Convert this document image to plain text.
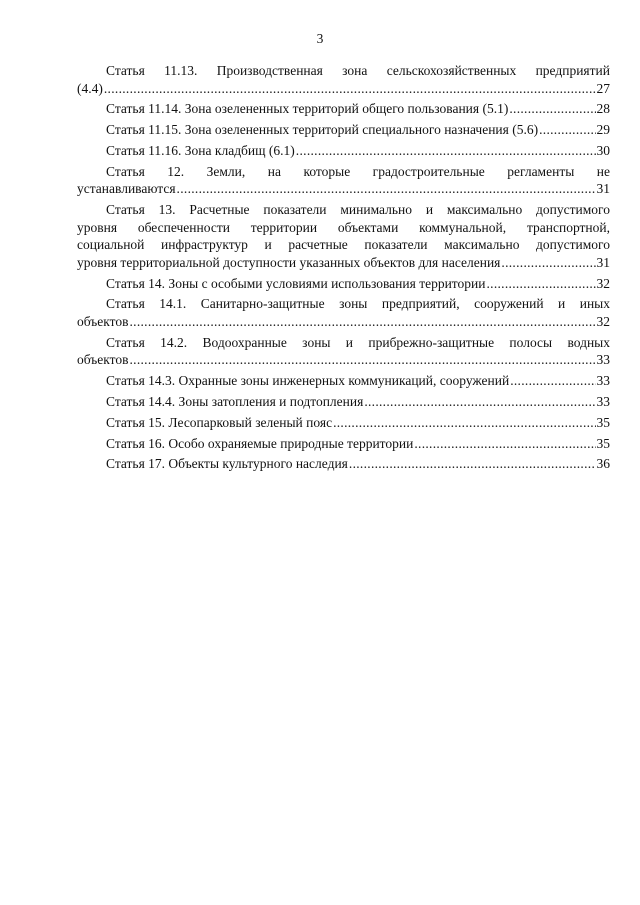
3
Статья 11.13. Производственная зона сельскохозяйственных предприятий
(4.4) .....	27
Статья 11.14. Зона озелененных территорий общего пользования (5.1) .....	28
Статья 11.15. Зона озелененных территорий специального назначения (5.6) .....	29
Статья 11.16. Зона кладбищ (6.1) .....	30
Статья 12. Земли, на которые градостроительные регламенты не
устанавливаются .....	31
Статья 13. Расчетные показатели минимально и максимально допустимого
уровня обеспеченности территории объектами коммунальной, транспортной,
социальной инфраструктур и расчетные показатели максимально допустимого
уровня территориальной доступности указанных объектов для населения .....	31
Статья 14. Зоны с особыми условиями использования территории .....	32
Статья 14.1. Санитарно-защитные зоны предприятий, сооружений и иных
объектов .....	32
Статья 14.2. Водоохранные зоны и прибрежно-защитные полосы водных
объектов .....	33
Статья 14.3. Охранные зоны инженерных коммуникаций, сооружений .....	33
Статья 14.4. Зоны затопления и подтопления .....	33
Статья 15. Лесопарковый зеленый пояс .....	35
Статья 16. Особо охраняемые природные территории .....	35
Статья 17. Объекты культурного наследия .....	36
